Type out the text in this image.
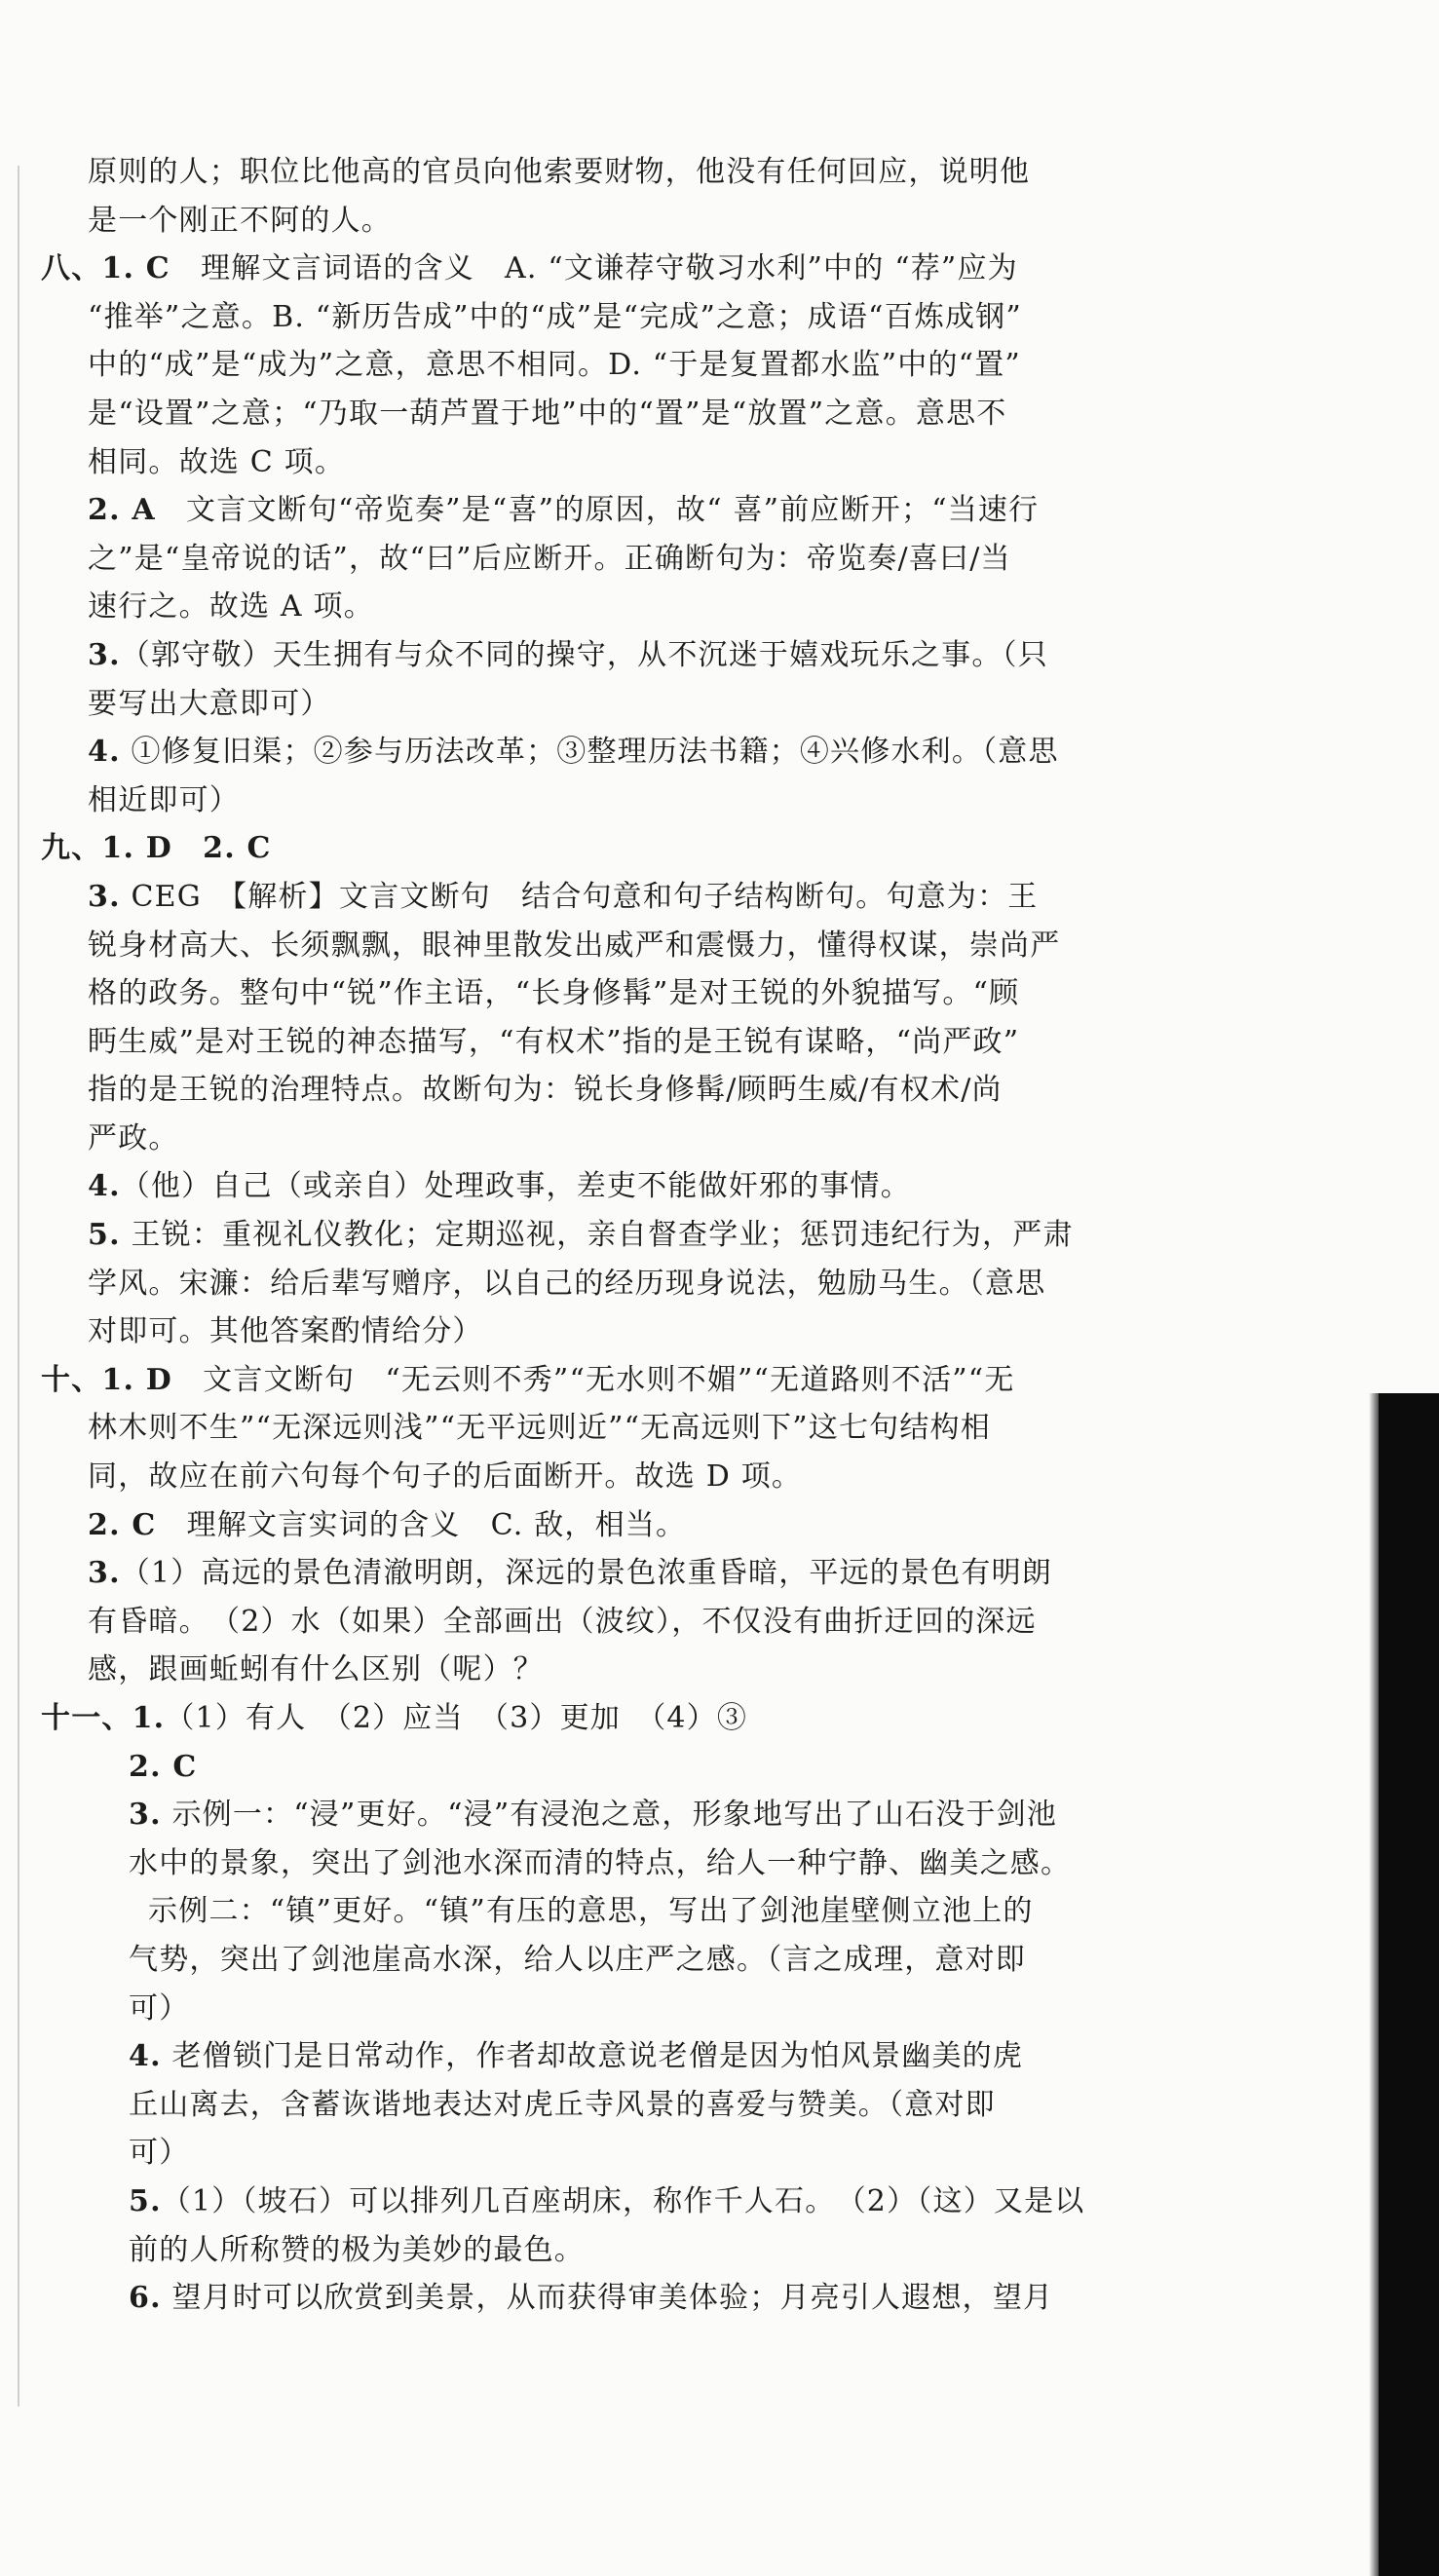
原则的人；职位比他高的官员向他索要财物，他没有任何回应，说明他
是一个刚正不阿的人。
八、1. C　理解文言词语的含义　A. “文谦荐守敬习水利”中的 “荐”应为
“推举”之意。B. “新历告成”中的“成”是“完成”之意；成语“百炼成钢”
中的“成”是“成为”之意，意思不相同。D. “于是复置都水监”中的“置”
是“设置”之意；“乃取一葫芦置于地”中的“置”是“放置”之意。意思不
相同。故选 C 项。
2. A　文言文断句“帝览奏”是“喜”的原因，故“ 喜”前应断开；“当速行
之”是“皇帝说的话”，故“曰”后应断开。正确断句为：帝览奏/喜曰/当
速行之。故选 A 项。
3.（郭守敬）天生拥有与众不同的操守，从不沉迷于嬉戏玩乐之事。（只
要写出大意即可）
4. ①修复旧渠；②参与历法改革；③整理历法书籍；④兴修水利。（意思
相近即可）
九、1. D　2. C
3. CEG　【解析】文言文断句　结合句意和句子结构断句。句意为：王
锐身材高大、长须飘飘，眼神里散发出威严和震慑力，懂得权谋，崇尚严
格的政务。整句中“锐”作主语，“长身修髯”是对王锐的外貌描写。“顾
眄生威”是对王锐的神态描写，“有权术”指的是王锐有谋略，“尚严政”
指的是王锐的治理特点。故断句为：锐长身修髯/顾眄生威/有权术/尚
严政。
4.（他）自己（或亲自）处理政事，差吏不能做奸邪的事情。
5. 王锐：重视礼仪教化；定期巡视，亲自督查学业；惩罚违纪行为，严肃
学风。宋濂：给后辈写赠序，以自己的经历现身说法，勉励马生。（意思
对即可。其他答案酌情给分）
十、1. D　文言文断句　“无云则不秀”“无水则不媚”“无道路则不活”“无
林木则不生”“无深远则浅”“无平远则近”“无高远则下”这七句结构相
同，故应在前六句每个句子的后面断开。故选 D 项。
2. C　理解文言实词的含义　C. 敌，相当。
3.（1）高远的景色清澈明朗，深远的景色浓重昏暗，平远的景色有明朗
有昏暗。　（2）水（如果）全部画出（波纹），不仅没有曲折迂回的深远
感，跟画蚯蚓有什么区别（呢）？
十一、1.（1）有人　（2）应当　（3）更加　（4）③
2. C
3. 示例一：“浸”更好。“浸”有浸泡之意，形象地写出了山石没于剑池
水中的景象，突出了剑池水深而清的特点，给人一种宁静、幽美之感。
示例二：“镇”更好。“镇”有压的意思，写出了剑池崖壁侧立池上的
气势，突出了剑池崖高水深，给人以庄严之感。（言之成理，意对即
可）
4. 老僧锁门是日常动作，作者却故意说老僧是因为怕风景幽美的虎
丘山离去，含蓄诙谐地表达对虎丘寺风景的喜爱与赞美。（意对即
可）
5.（1）（坡石）可以排列几百座胡床，称作千人石。　（2）（这）又是以
前的人所称赞的极为美妙的最色。
6. 望月时可以欣赏到美景，从而获得审美体验；月亮引人遐想，望月
